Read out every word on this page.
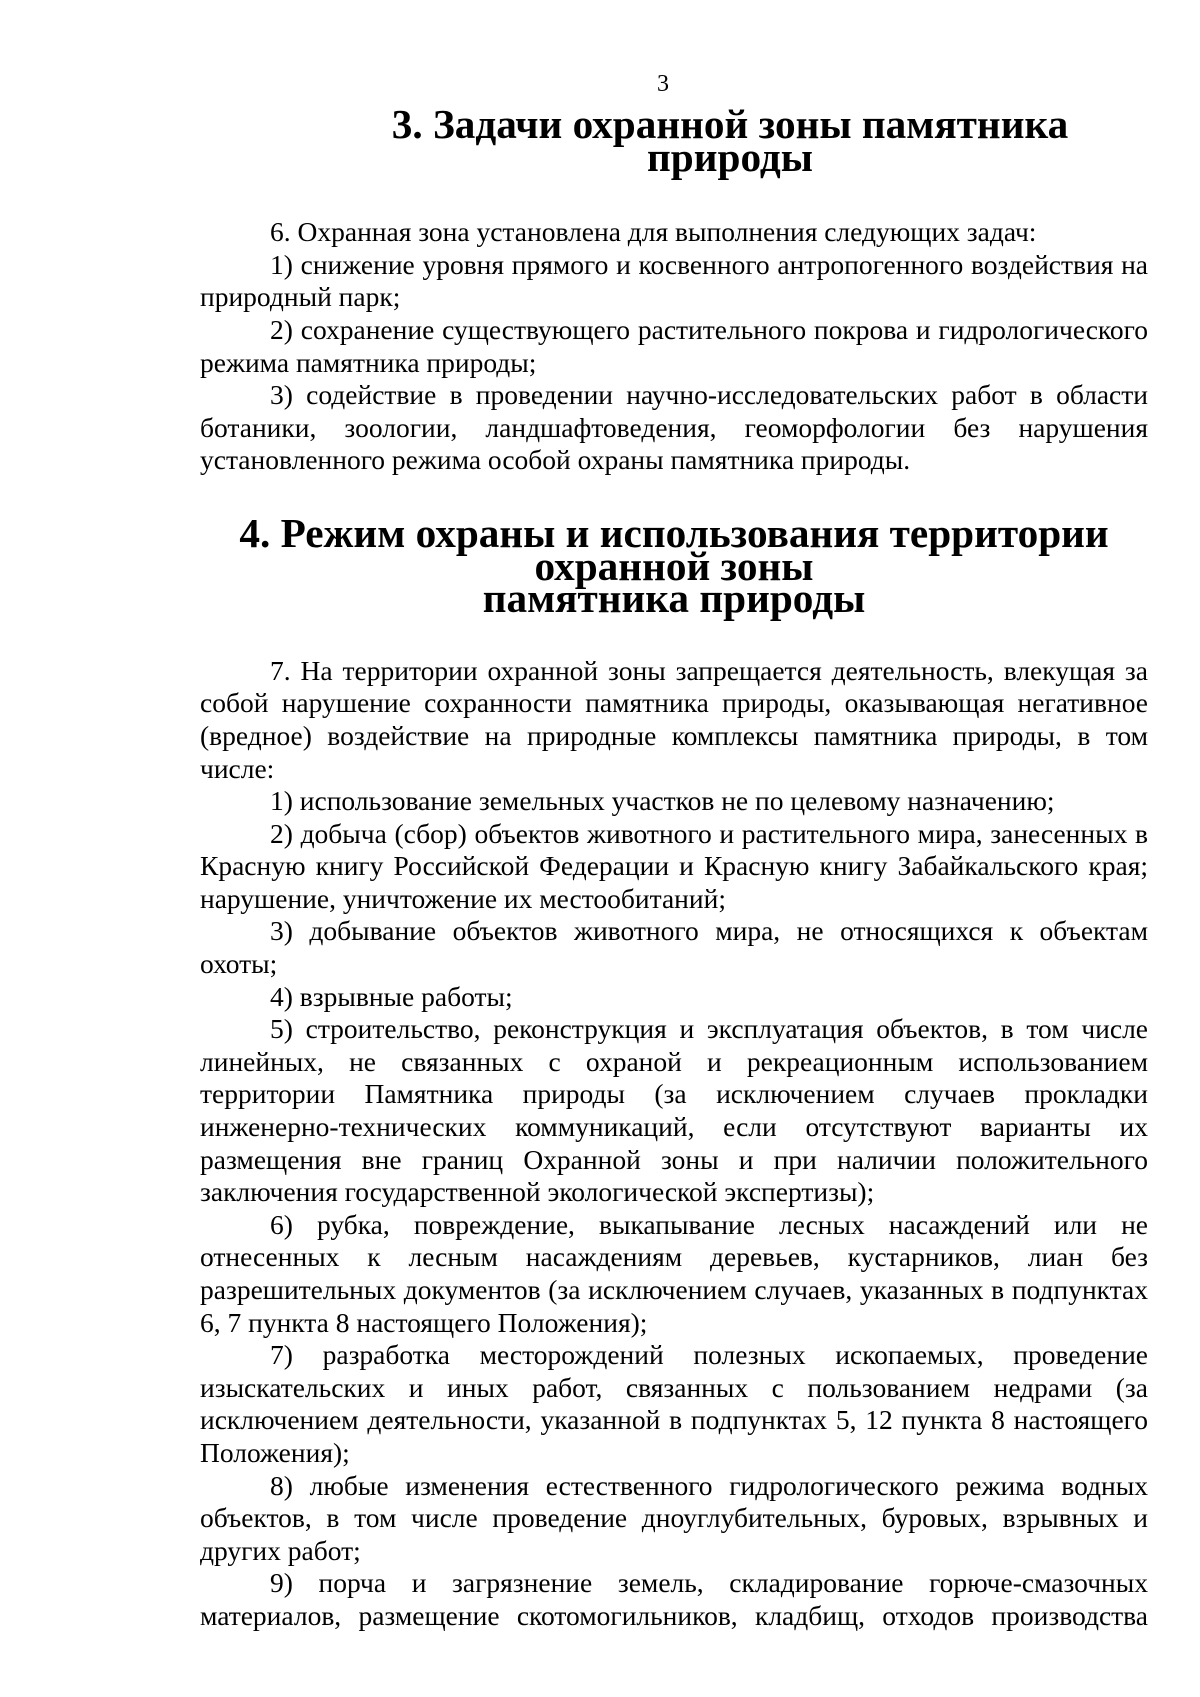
3
3. Задачи охранной зоны памятника природы

6. Охранная зона установлена для выполнения следующих задач:

1) снижение уровня прямого и косвенного антропогенного воздействия на природный парк;

2) сохранение существующего растительного покрова и гидрологического режима памятника природы;

3) содействие в проведении научно-исследовательских работ в области ботаники, зоологии, ландшафтоведения, геоморфологии без нарушения установленного режима особой охраны памятника природы.

4. Режим охраны и использования территории охранной зоны
памятника природы

7. На территории охранной зоны запрещается деятельность, влекущая за собой нарушение сохранности памятника природы, оказывающая негативное (вредное) воздействие на природные комплексы памятника природы, в том числе:

1) использование земельных участков не по целевому назначению;

2) добыча (сбор) объектов животного и растительного мира, занесенных в Красную книгу Российской Федерации и Красную книгу Забайкальского края; нарушение, уничтожение их местообитаний;

3) добывание объектов животного мира, не относящихся к объектам охоты;

4) взрывные работы;

5) строительство, реконструкция и эксплуатация объектов, в том числе линейных, не связанных с охраной и рекреационным использованием территории Памятника природы (за исключением случаев прокладки инженерно-технических коммуникаций, если отсутствуют варианты их размещения вне границ Охранной зоны и при наличии положительного заключения государственной экологической экспертизы);

6) рубка, повреждение, выкапывание лесных насаждений или не отнесенных к лесным насаждениям деревьев, кустарников, лиан без разрешительных документов (за исключением случаев, указанных в подпунктах 6, 7 пункта 8 настоящего Положения);

7) разработка месторождений полезных ископаемых, проведение изыскательских и иных работ, связанных с пользованием недрами (за исключением деятельности, указанной в подпунктах 5, 12 пункта 8 настоящего Положения);

8) любые изменения естественного гидрологического режима водных объектов, в том числе проведение дноуглубительных, буровых, взрывных и других работ;

9) порча и загрязнение земель, складирование горюче-смазочных материалов, размещение скотомогильников, кладбищ, отходов производства
